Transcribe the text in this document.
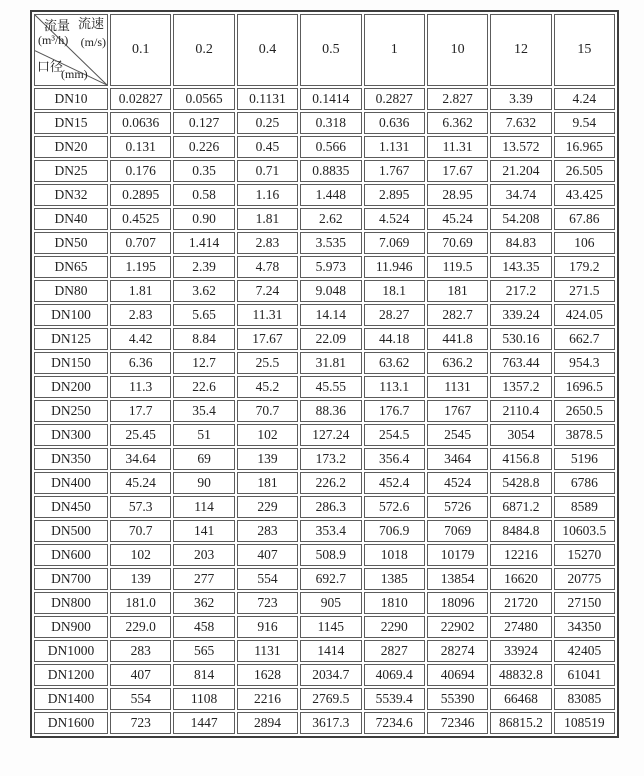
流量
(m³/h)
流速
(m/s)
口径
(mm)
	0.1	0.2	0.4	0.5	1	10	12	15
DN10	0.02827	0.0565	0.1131	0.1414	0.2827	2.827	3.39	4.24
DN15	0.0636	0.127	0.25	0.318	0.636	6.362	7.632	9.54
DN20	0.131	0.226	0.45	0.566	1.131	11.31	13.572	16.965
DN25	0.176	0.35	0.71	0.8835	1.767	17.67	21.204	26.505
DN32	0.2895	0.58	1.16	1.448	2.895	28.95	34.74	43.425
DN40	0.4525	0.90	1.81	2.62	4.524	45.24	54.208	67.86
DN50	0.707	1.414	2.83	3.535	7.069	70.69	84.83	106
DN65	1.195	2.39	4.78	5.973	11.946	119.5	143.35	179.2
DN80	1.81	3.62	7.24	9.048	18.1	181	217.2	271.5
DN100	2.83	5.65	11.31	14.14	28.27	282.7	339.24	424.05
DN125	4.42	8.84	17.67	22.09	44.18	441.8	530.16	662.7
DN150	6.36	12.7	25.5	31.81	63.62	636.2	763.44	954.3
DN200	11.3	22.6	45.2	45.55	113.1	1131	1357.2	1696.5
DN250	17.7	35.4	70.7	88.36	176.7	1767	2110.4	2650.5
DN300	25.45	51	102	127.24	254.5	2545	3054	3878.5
DN350	34.64	69	139	173.2	356.4	3464	4156.8	5196
DN400	45.24	90	181	226.2	452.4	4524	5428.8	6786
DN450	57.3	114	229	286.3	572.6	5726	6871.2	8589
DN500	70.7	141	283	353.4	706.9	7069	8484.8	10603.5
DN600	102	203	407	508.9	1018	10179	12216	15270
DN700	139	277	554	692.7	1385	13854	16620	20775
DN800	181.0	362	723	905	1810	18096	21720	27150
DN900	229.0	458	916	1145	2290	22902	27480	34350
DN1000	283	565	1131	1414	2827	28274	33924	42405
DN1200	407	814	1628	2034.7	4069.4	40694	48832.8	61041
DN1400	554	1108	2216	2769.5	5539.4	55390	66468	83085
DN1600	723	1447	2894	3617.3	7234.6	72346	86815.2	108519
